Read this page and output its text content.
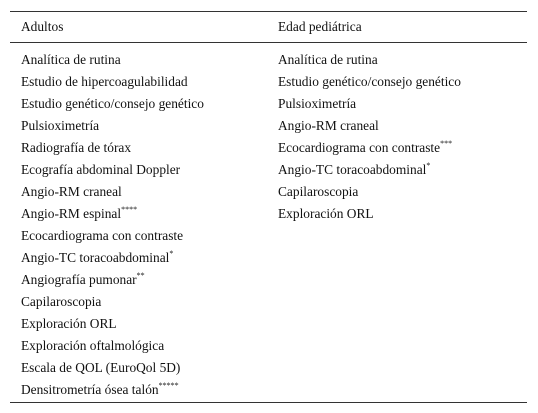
Adultos	Edad pediátrica
Analítica de rutina
Estudio de hipercoagulabilidad
Estudio genético/consejo genético
Pulsioximetría
Radiografía de tórax
Ecografía abdominal Doppler
Angio-RM craneal
Angio-RM espinal****
Ecocardiograma con contraste
Angio-TC toracoabdominal*
Angiografía pumonar**
Capilaroscopia
Exploración ORL
Exploración oftalmológica
Escala de QOL (EuroQol 5D)
Densitrometría ósea talón*****
Analítica de rutina
Estudio genético/consejo genético
Pulsioximetría
Angio-RM craneal
Ecocardiograma con contraste***
Angio-TC toracoabdominal*
Capilaroscopia
Exploración ORL
